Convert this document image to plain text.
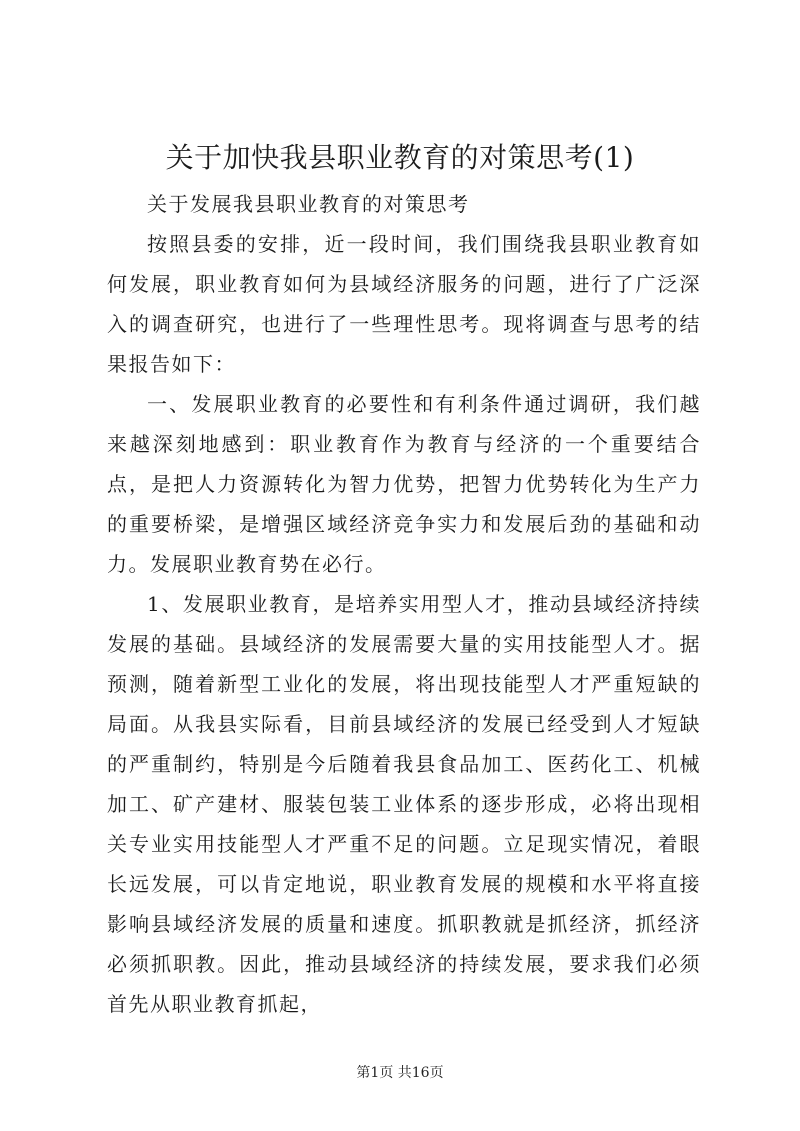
关于加快我县职业教育的对策思考(1)

关于发展我县职业教育的对策思考

按照县委的安排，近一段时间，我们围绕我县职业教育如何发展，职业教育如何为县域经济服务的问题，进行了广泛深入的调查研究，也进行了一些理性思考。现将调查与思考的结果报告如下：

一、发展职业教育的必要性和有利条件通过调研，我们越来越深刻地感到：职业教育作为教育与经济的一个重要结合点，是把人力资源转化为智力优势，把智力优势转化为生产力的重要桥梁，是增强区域经济竞争实力和发展后劲的基础和动力。发展职业教育势在必行。

1、发展职业教育，是培养实用型人才，推动县域经济持续发展的基础。县域经济的发展需要大量的实用技能型人才。据预测，随着新型工业化的发展，将出现技能型人才严重短缺的局面。从我县实际看，目前县域经济的发展已经受到人才短缺的严重制约，特别是今后随着我县食品加工、医药化工、机械加工、矿产建材、服装包装工业体系的逐步形成，必将出现相关专业实用技能型人才严重不足的问题。立足现实情况，着眼长远发展，可以肯定地说，职业教育发展的规模和水平将直接影响县域经济发展的质量和速度。抓职教就是抓经济，抓经济必须抓职教。因此，推动县域经济的持续发展，要求我们必须首先从职业教育抓起，

第1页 共16页
